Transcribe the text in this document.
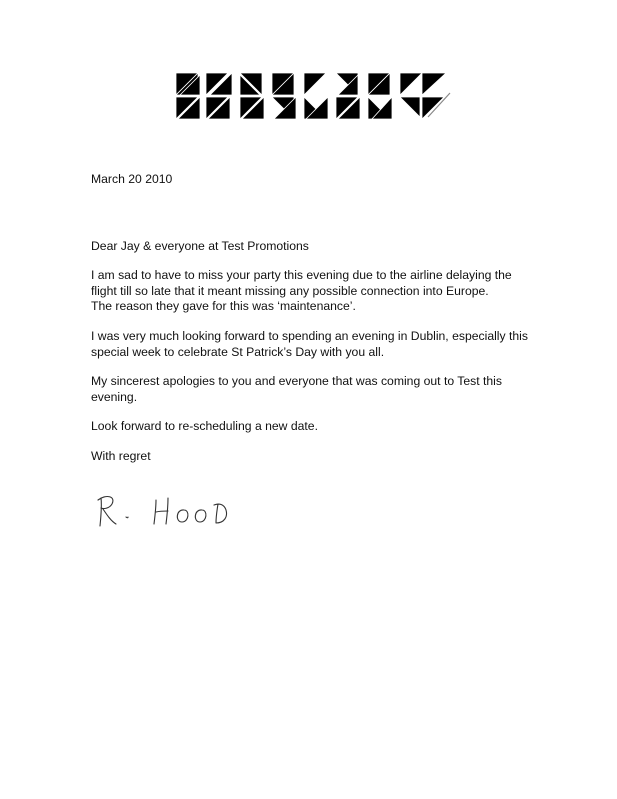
March 20 2010

Dear Jay & everyone at Test Promotions

I am sad to have to miss your party this evening due to the airline delaying the
flight till so late that it meant missing any possible connection into Europe.
The reason they gave for this was ‘maintenance’.

I was very much looking forward to spending an evening in Dublin, especially this
special week to celebrate St Patrick’s Day with you all.

My sincerest apologies to you and everyone that was coming out to Test this
evening.

Look forward to re-scheduling a new date.

With regret
